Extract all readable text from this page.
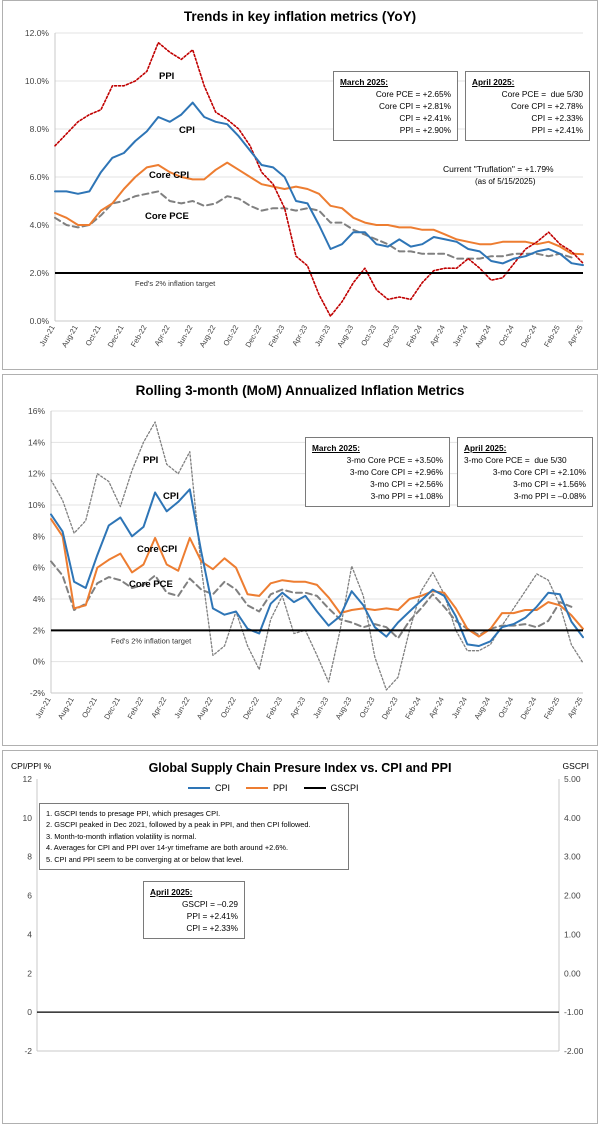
Trends in key inflation metrics (YoY)
0.0%
2.0%
4.0%
6.0%
8.0%
10.0%
12.0%
Jun-21 Aug-21 Oct-21 Dec-21 Feb-22 Apr-22 Jun-22 Aug-22 Oct-22 Dec-22 Feb-23 Apr-23 Jun-23 Aug-23 Oct-23 Dec-23 Feb-24 Apr-24 Jun-24 Aug-24 Oct-24 Dec-24 Feb-25 Apr-25
Fed's 2% inflation target
PPI
CPI
Core CPI
Core PCE
March 2025:
Core PCE = +2.65%
Core CPI = +2.81%
CPI = +2.41%
PPI = +2.90%
April 2025:
Core PCE =  due 5/30
Core CPI = +2.78%
CPI = +2.33%
PPI = +2.41%
Current "Truflation" = +1.79%
(as of 5/15/2025)
Rolling 3-month (MoM) Annualized Inflation Metrics
-2%
0%
2%
4%
6%
8%
10%
12%
14%
16%
Jun-21 Aug-21 Oct-21 Dec-21 Feb-22 Apr-22 Jun-22 Aug-22 Oct-22 Dec-22 Feb-23 Apr-23 Jun-23 Aug-23 Oct-23 Dec-23 Feb-24 Apr-24 Jun-24 Aug-24 Oct-24 Dec-24 Feb-25 Apr-25
Fed's 2% inflation target
PPI
CPI
Core CPI
Core PCE
March 2025:
3-mo Core PCE = +3.50%
3-mo Core CPI = +2.96%
3-mo CPI = +2.56%
3-mo PPI = +1.08%
April 2025:
3-mo Core PCE =  due 5/30
3-mo Core CPI = +2.10%
3-mo CPI = +1.56%
3-mo PPI = –0.08%
Global Supply Chain Presure Index vs. CPI and PPI
CPI/PPI %	GSCPI
CPI	PPI	GSCPI
-2
0
2
4
6
8
10
12
-2.00
-1.00
0.00
1.00
2.00
3.00
4.00
5.00
1. GSCPI tends to presage PPI, which presages CPI.
2. GSCPI peaked in Dec 2021, followed by a peak in PPI, and then CPI followed.
3. Month-to-month inflation volatility is normal.
4. Averages for CPI and PPI over 14-yr timeframe are both around +2.6%.
5. CPI and PPI seem to be converging at or below that level.
April 2025:
GSCPI = –0.29
PPI = +2.41%
CPI = +2.33%
